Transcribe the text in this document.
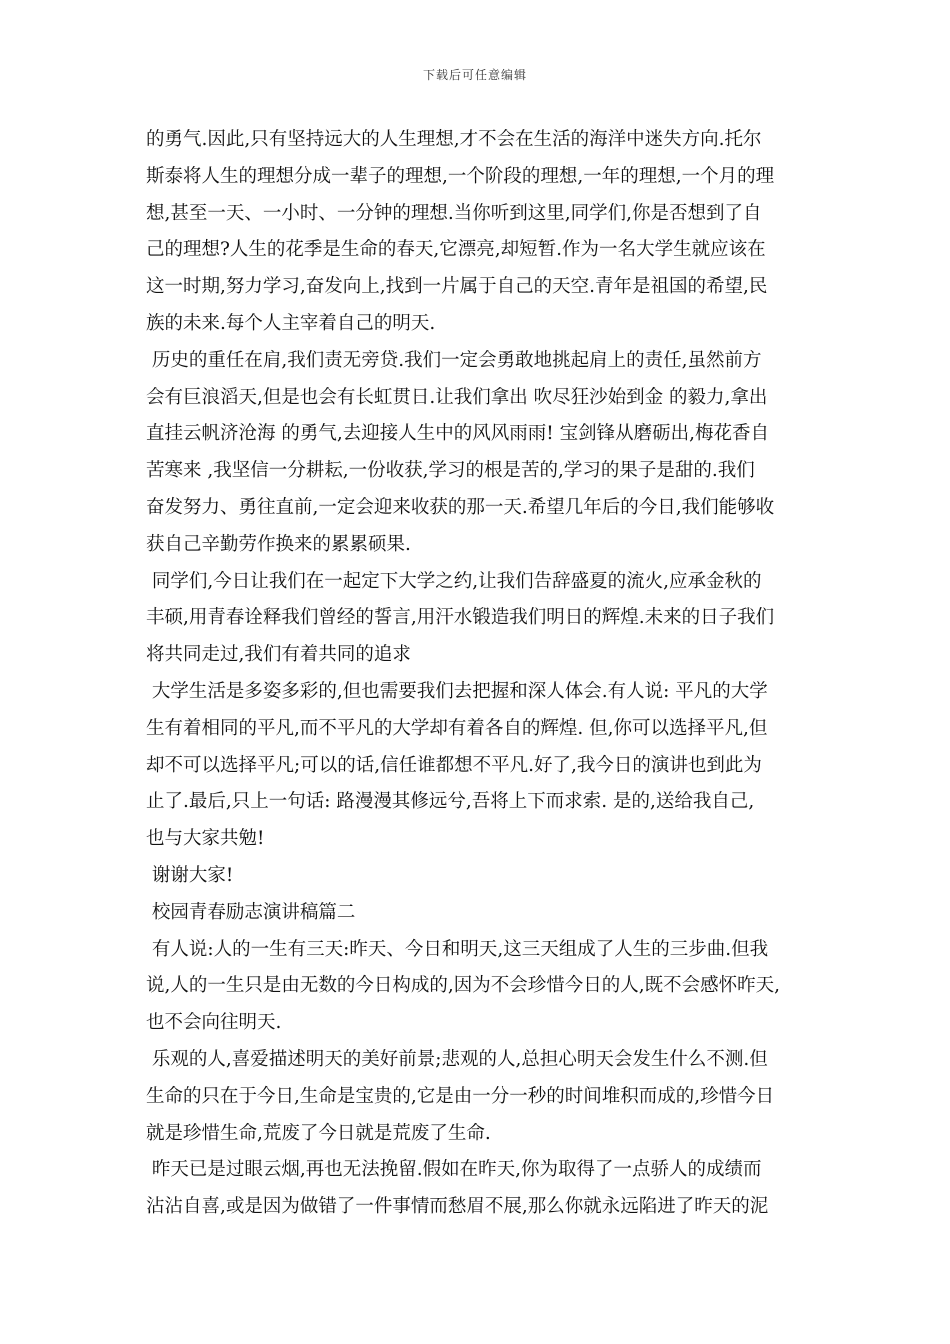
下载后可任意编辑
的勇气.因此,只有坚持远大的人生理想,才不会在生活的海洋中迷失方向.托尔
斯泰将人生的理想分成一辈子的理想,一个阶段的理想,一年的理想,一个月的理
想,甚至一天、一小时、一分钟的理想.当你听到这里,同学们,你是否想到了自
己的理想?人生的花季是生命的春天,它漂亮,却短暂.作为一名大学生就应该在
这一时期,努力学习,奋发向上,找到一片属于自己的天空.青年是祖国的希望,民
族的未来.每个人主宰着自己的明天.
历史的重任在肩,我们责无旁贷.我们一定会勇敢地挑起肩上的责任,虽然前方
会有巨浪滔天,但是也会有长虹贯日.让我们拿出 吹尽狂沙始到金 的毅力,拿出
直挂云帆济沧海 的勇气,去迎接人生中的风风雨雨! 宝剑锋从磨砺出,梅花香自
苦寒来 ,我坚信一分耕耘,一份收获,学习的根是苦的,学习的果子是甜的.我们
奋发努力、勇往直前,一定会迎来收获的那一天.希望几年后的今日,我们能够收
获自己辛勤劳作换来的累累硕果.
同学们,今日让我们在一起定下大学之约,让我们告辞盛夏的流火,应承金秋的
丰硕,用青春诠释我们曾经的誓言,用汗水锻造我们明日的辉煌.未来的日子我们
将共同走过,我们有着共同的追求
大学生活是多姿多彩的,但也需要我们去把握和深人体会.有人说: 平凡的大学
生有着相同的平凡,而不平凡的大学却有着各自的辉煌. 但,你可以选择平凡,但
却不可以选择平凡;可以的话,信任谁都想不平凡.好了,我今日的演讲也到此为
止了.最后,只上一句话: 路漫漫其修远兮,吾将上下而求索. 是的,送给我自己,
也与大家共勉!
谢谢大家!
校园青春励志演讲稿篇二
有人说:人的一生有三天:昨天、今日和明天,这三天组成了人生的三步曲.但我
说,人的一生只是由无数的今日构成的,因为不会珍惜今日的人,既不会感怀昨天,
也不会向往明天.
乐观的人,喜爱描述明天的美好前景;悲观的人,总担心明天会发生什么不测.但
生命的只在于今日,生命是宝贵的,它是由一分一秒的时间堆积而成的,珍惜今日
就是珍惜生命,荒废了今日就是荒废了生命.
昨天已是过眼云烟,再也无法挽留.假如在昨天,你为取得了一点骄人的成绩而
沾沾自喜,或是因为做错了一件事情而愁眉不展,那么你就永远陷进了昨天的泥
